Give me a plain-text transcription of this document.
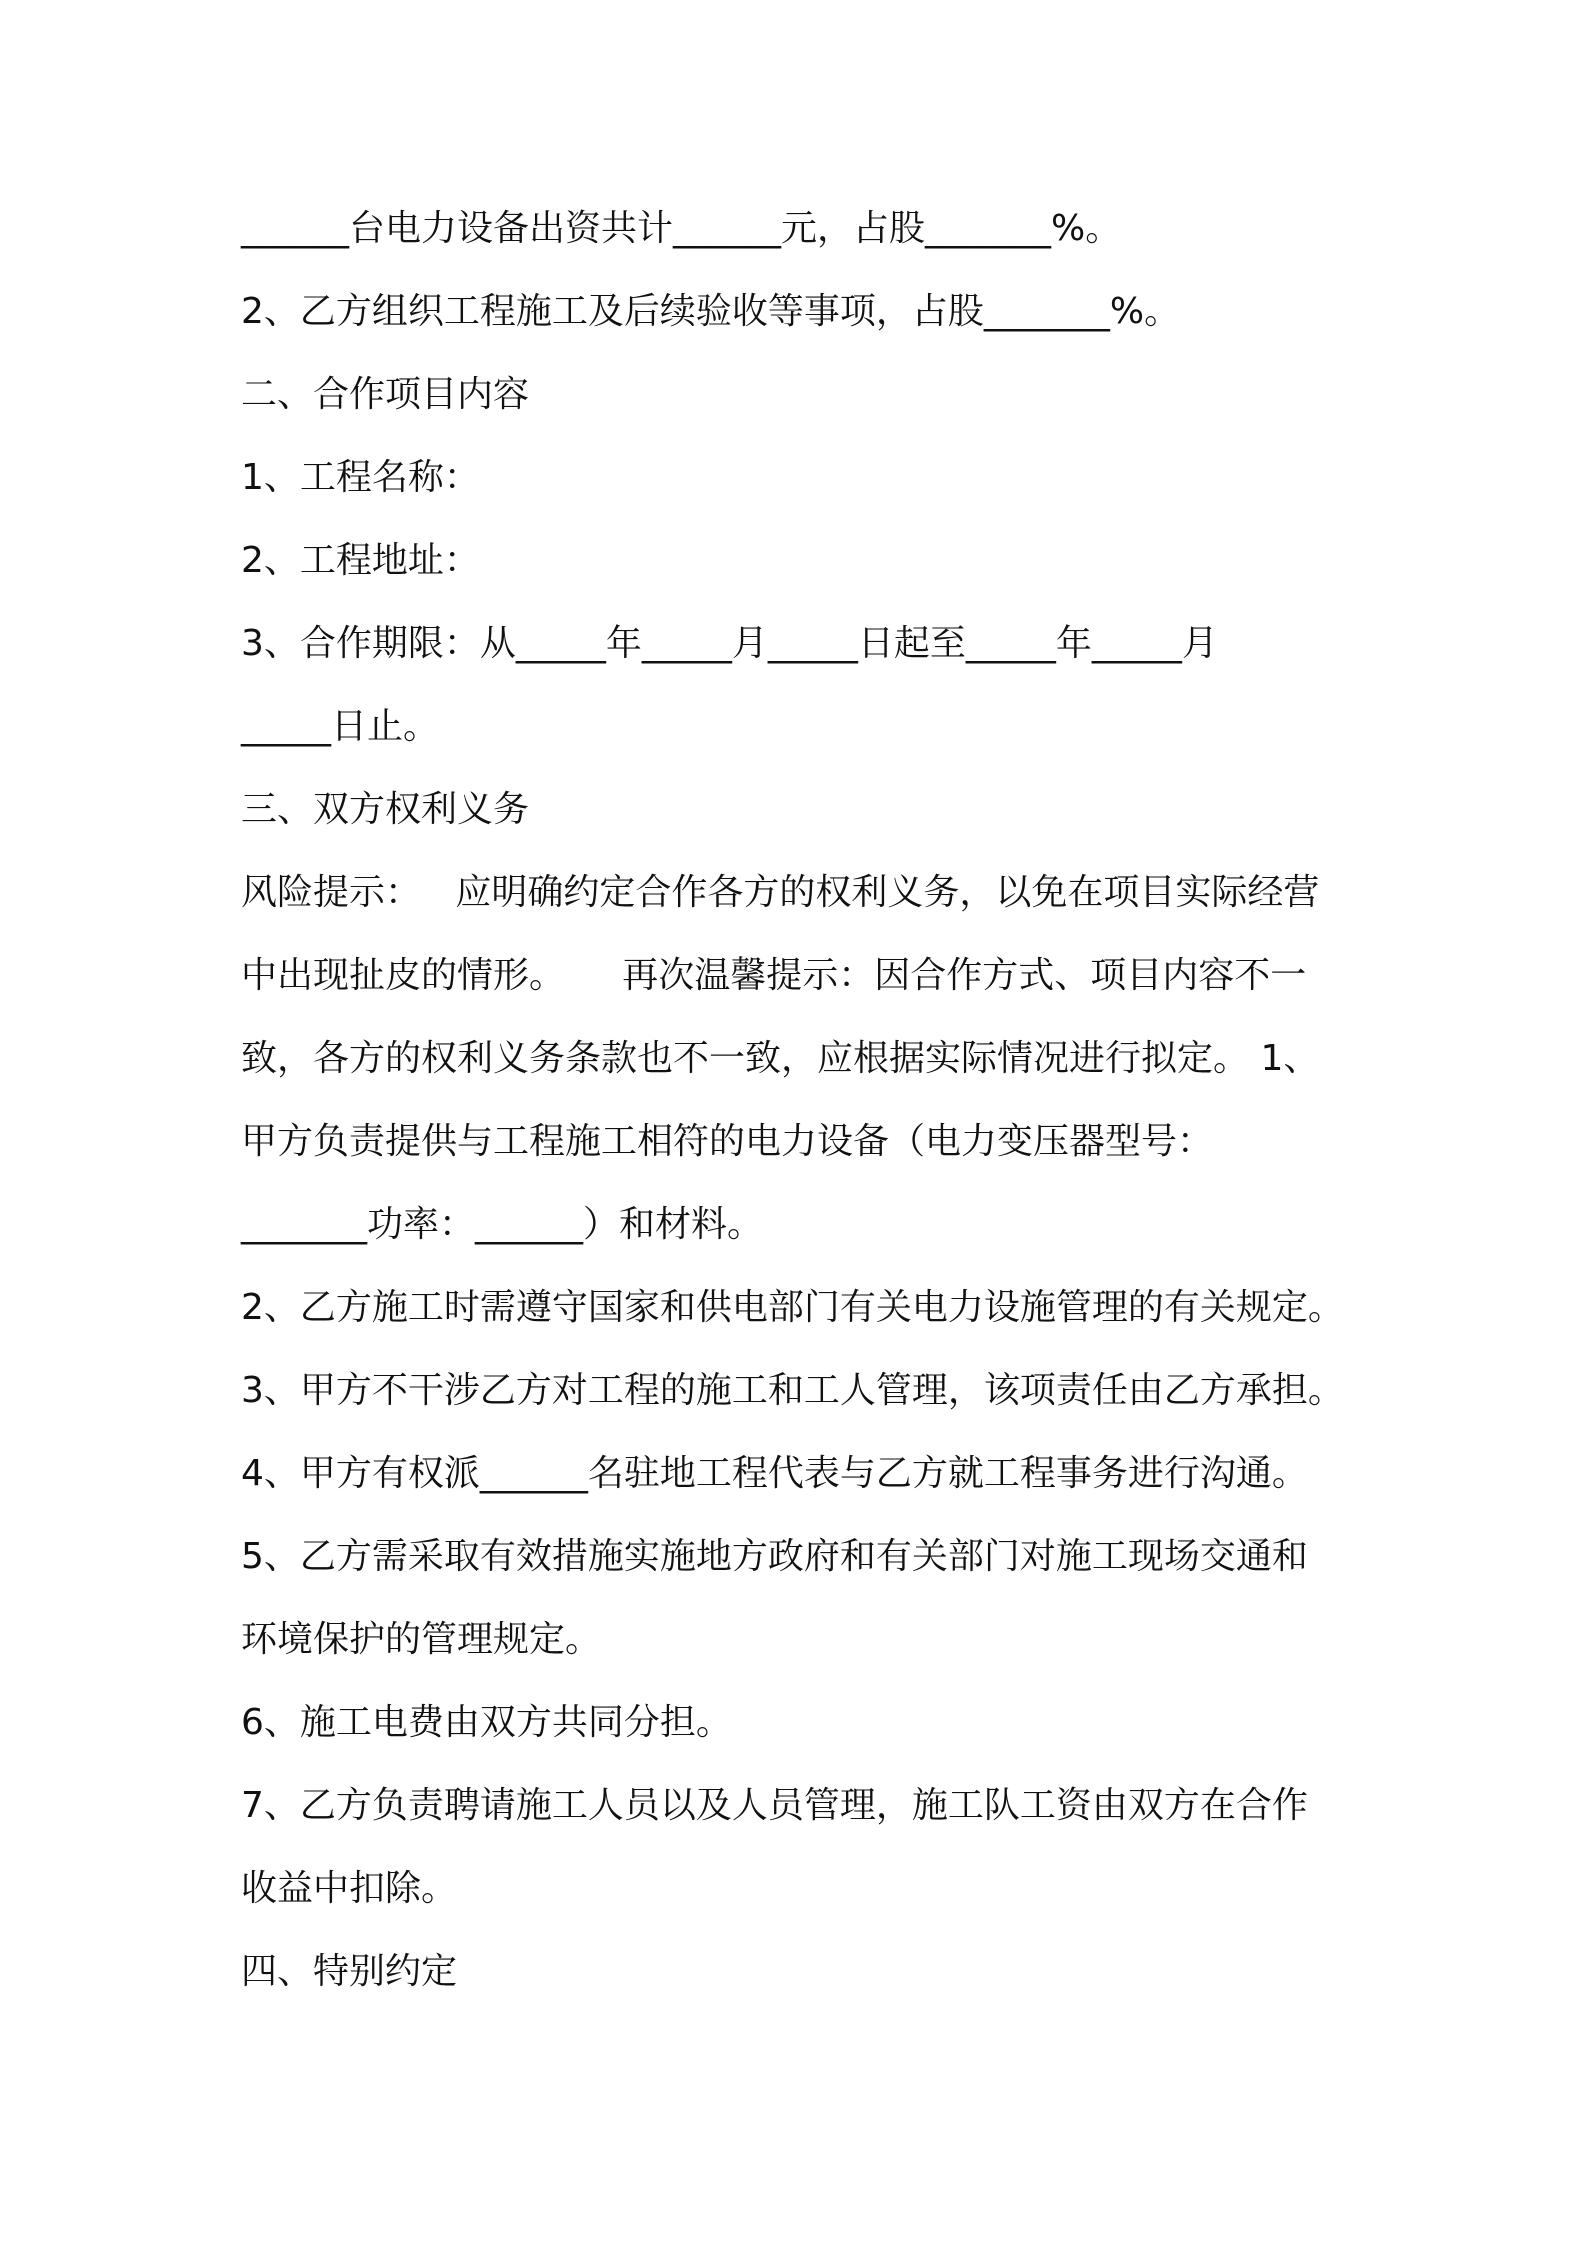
______台电力设备出资共计______元，占股_______%。

2、乙方组织工程施工及后续验收等事项，占股_______%。

二、合作项目内容

1、工程名称：

2、工程地址：

3、合作期限：从_____年_____月_____日起至_____年_____月

_____日止。

三、双方权利义务

风险提示：   应明确约定合作各方的权利义务，以免在项目实际经营

中出现扯皮的情形。     再次温馨提示：因合作方式、项目内容不一

致，各方的权利义务条款也不一致，应根据实际情况进行拟定。 1、

甲方负责提供与工程施工相符的电力设备（电力变压器型号：

_______功率：______）和材料。

2、乙方施工时需遵守国家和供电部门有关电力设施管理的有关规定。

3、甲方不干涉乙方对工程的施工和工人管理，该项责任由乙方承担。

4、甲方有权派______名驻地工程代表与乙方就工程事务进行沟通。

5、乙方需采取有效措施实施地方政府和有关部门对施工现场交通和

环境保护的管理规定。

6、施工电费由双方共同分担。

7、乙方负责聘请施工人员以及人员管理，施工队工资由双方在合作

收益中扣除。

四、特别约定
